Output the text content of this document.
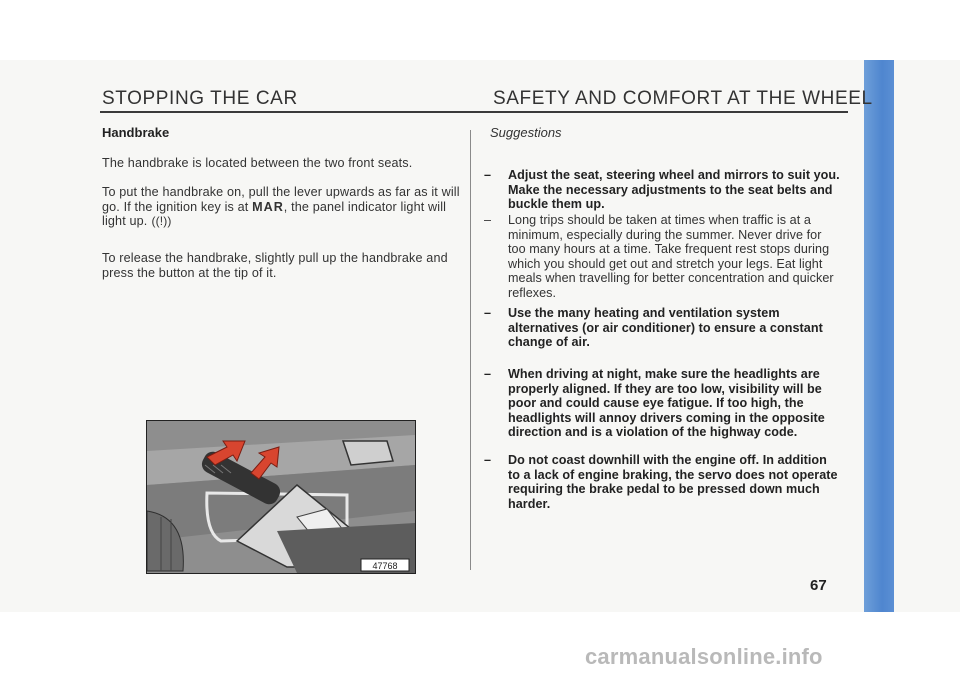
STOPPING THE CAR	SAFETY AND COMFORT AT THE WHEEL
Handbrake
The handbrake is located between the two front seats.
To put the handbrake on, pull the lever upwards as far as it will go. If the ignition key is at MAR, the panel indicator light will light up. ((!))
To release the handbrake, slightly pull up the handbrake and press the button at the tip of it.
47768
Suggestions
– Adjust the seat, steering wheel and mirrors to suit you. Make the necessary adjustments to the seat belts and buckle them up.
– Long trips should be taken at times when traffic is at a minimum, especially during the summer. Never drive for too many hours at a time. Take frequent rest stops during which you should get out and stretch your legs. Eat light meals when travelling for better concentration and quicker reflexes.
– Use the many heating and ventilation system alternatives (or air conditioner) to ensure a constant change of air.
– When driving at night, make sure the headlights are properly aligned. If they are too low, visibility will be poor and could cause eye fatigue. If too high, the headlights will annoy drivers coming in the opposite direction and is a violation of the highway code.
– Do not coast downhill with the engine off. In addition to a lack of engine braking, the servo does not operate requiring the brake pedal to be pressed down much harder.
67
carmanualsonline.info
